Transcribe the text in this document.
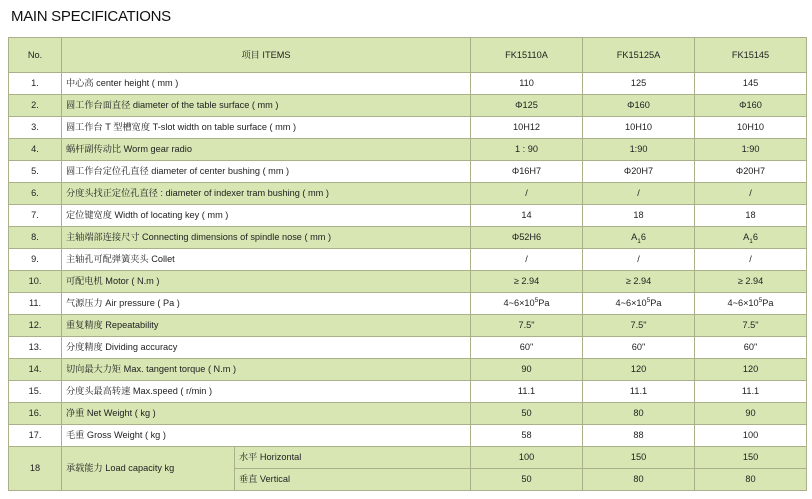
MAIN SPECIFICATIONS
No.	项目 ITEMS		FK15110A	FK15125A	FK15145
1.	中心高 center height ( mm )		110	125	145
2.	圆工作台面直径 diameter of the table surface ( mm )		Φ125	Φ160	Φ160
3.	圆工作台 T 型槽宽度 T-slot width on table surface ( mm )		10H12	10H10	10H10
4.	蜗杆副传动比 Worm gear radio		1 : 90	1:90	1:90
5.	圆工作台定位孔直径 diameter of center bushing ( mm )		Φ16H7	Φ20H7	Φ20H7
6.	分度头找正定位孔直径 : diameter of indexer tram bushing ( mm )		/	/	/
7.	定位键宽度 Width of locating key ( mm )		14	18	18
8.	主轴端部连接尺寸 Connecting dimensions of spindle nose ( mm )		Φ52H6	$A_16$	$A_16$
9.	主轴孔可配弹簧夹头 Collet		/	/	/
10.	可配电机 Motor ( N.m )		≥ 2.94	≥ 2.94	≥ 2.94
11.	气源压力 Air pressure ( Pa )		$4\sim 6\times 10^5Pa$	$4\sim 6\times 10^5Pa$	$4\sim 6\times 10^5Pa$
12.	重复精度 Repeatability		7.5"	7.5"	7.5"
13.	分度精度 Dividing accuracy		60"	60"	60"
14.	切向最大力矩 Max. tangent torque ( N.m )		90	120	120
15.	分度头最高转速 Max.speed ( r/min )		11.1	11.1	11.1
16.	净重 Net Weight ( kg )		50	80	90
17.	毛重 Gross Weight ( kg )		58	88	100
18	承载能力 Load capacity kg	水平 Horizontal	100	150	150
		垂直 Vertical	50	80	80
